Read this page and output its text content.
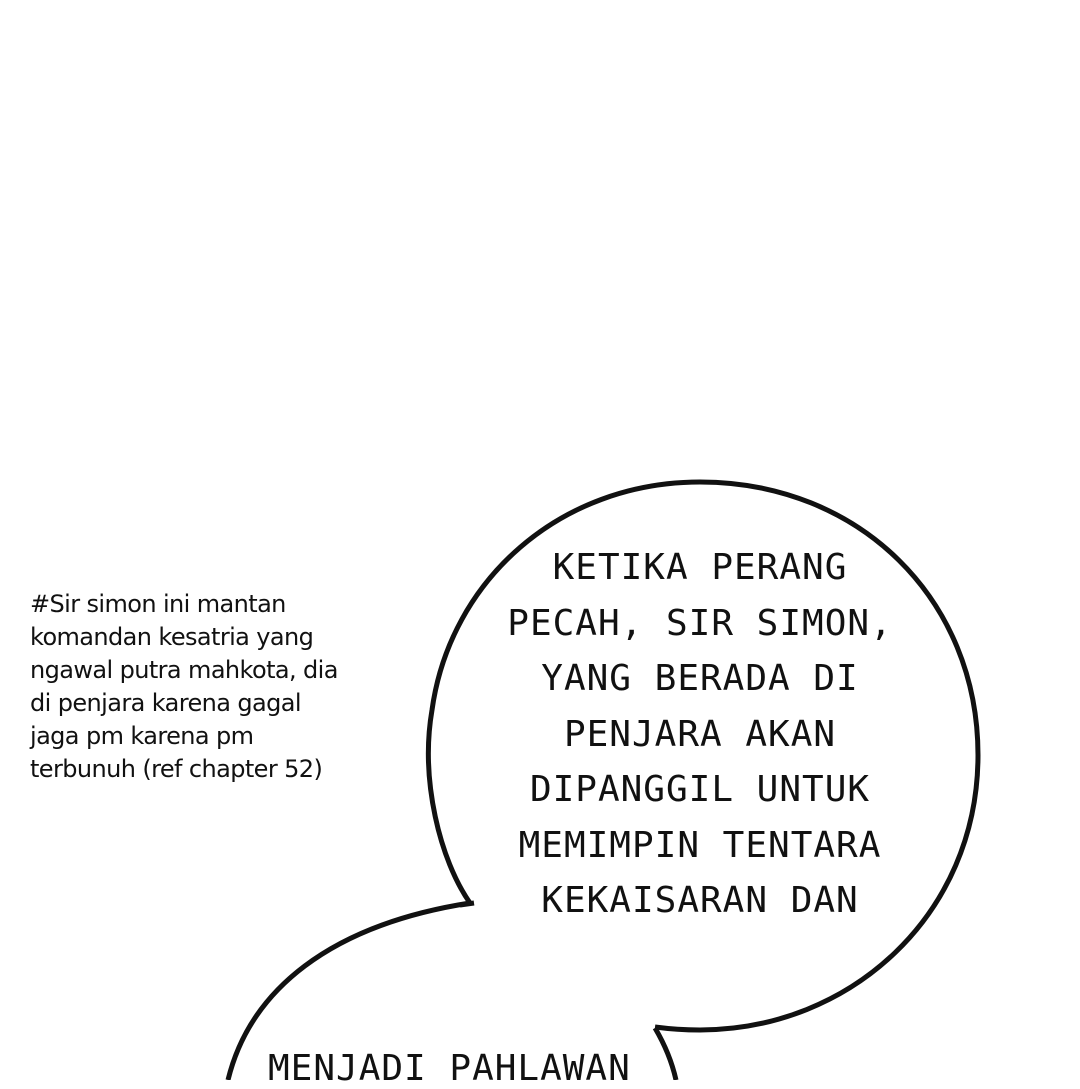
#Sir simon ini mantan
komandan kesatria yang
ngawal putra mahkota, dia
di penjara karena gagal
jaga pm karena pm
terbunuh (ref chapter 52)
KETIKA PERANG
PECAH, SIR SIMON,
YANG BERADA DI
PENJARA AKAN
DIPANGGIL UNTUK
MEMIMPIN TENTARA
KEKAISARAN DAN
MENJADI PAHLAWAN
